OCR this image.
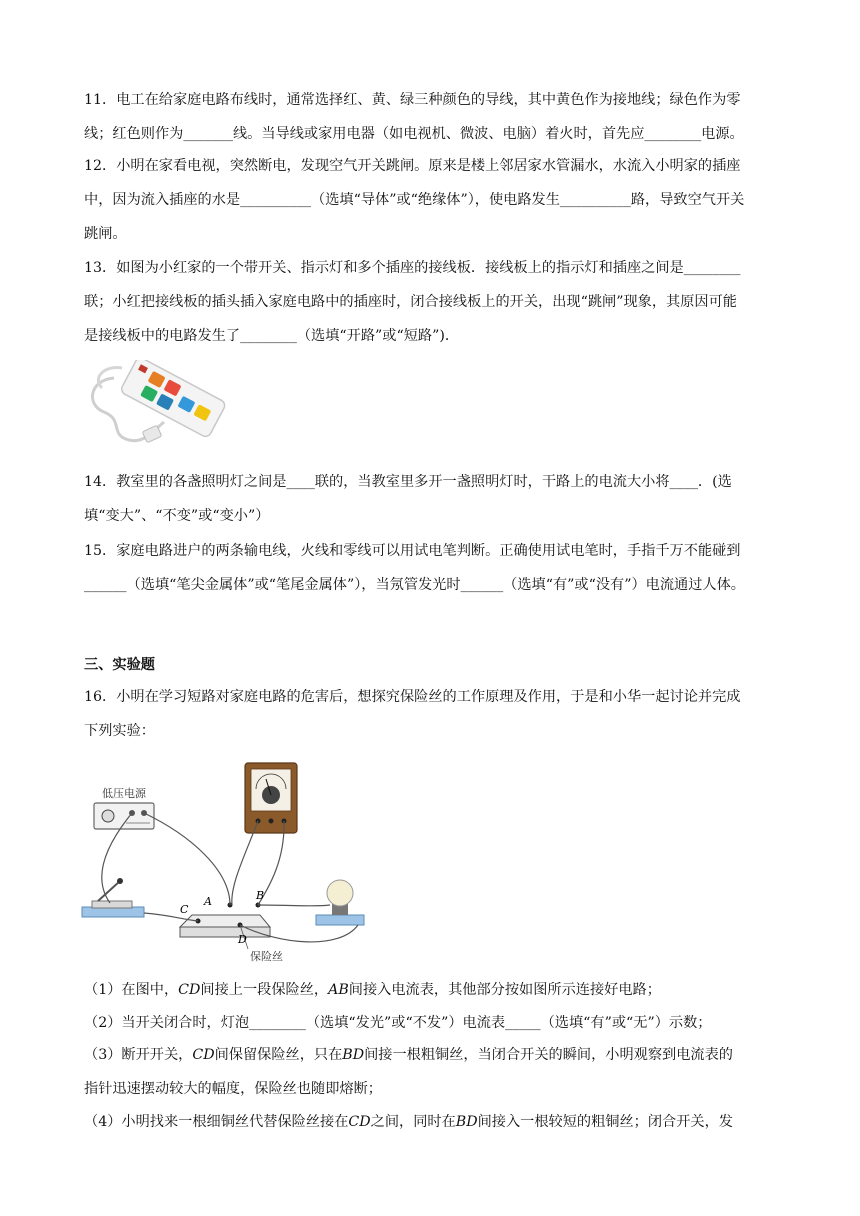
11．电工在给家庭电路布线时，通常选择红、黄、绿三种颜色的导线，其中黄色作为接地线；绿色作为零
线；红色则作为_______线。当导线或家用电器（如电视机、微波、电脑）着火时，首先应________电源。
12．小明在家看电视，突然断电，发现空气开关跳闸。原来是楼上邻居家水管漏水，水流入小明家的插座
中，因为流入插座的水是__________（选填“导体”或“绝缘体”），使电路发生__________路，导致空气开关
跳闸。
13．如图为小红家的一个带开关、指示灯和多个插座的接线板．接线板上的指示灯和插座之间是________
联；小红把接线板的插头插入家庭电路中的插座时，闭合接线板上的开关，出现“跳闸”现象，其原因可能
是接线板中的电路发生了________（选填“开路”或“短路”)．
14．教室里的各盏照明灯之间是____联的，当教室里多开一盏照明灯时，干路上的电流大小将____．(选
填“变大”、“不变”或“变小”）
15．家庭电路进户的两条输电线，火线和零线可以用试电笔判断。正确使用试电笔时，手指千万不能碰到
______（选填“笔尖金属体”或“笔尾金属体”），当氖管发光时______（选填“有”或“没有”）电流通过人体。
三、实验题
16．小明在学习短路对家庭电路的危害后，想探究保险丝的工作原理及作用，于是和小华一起讨论并完成
下列实验：
低压电源
A	B
C
D
保险丝
（1）在图中，CD间接上一段保险丝，AB间接入电流表，其他部分按如图所示连接好电路；
（2）当开关闭合时，灯泡________（选填“发光”或“不发”）电流表_____（选填“有”或“无”）示数；
（3）断开开关，CD间保留保险丝，只在BD间接一根粗铜丝，当闭合开关的瞬间，小明观察到电流表的
指针迅速摆动较大的幅度，保险丝也随即熔断；
（4）小明找来一根细铜丝代替保险丝接在CD之间，同时在BD间接入一根较短的粗铜丝；闭合开关，发
